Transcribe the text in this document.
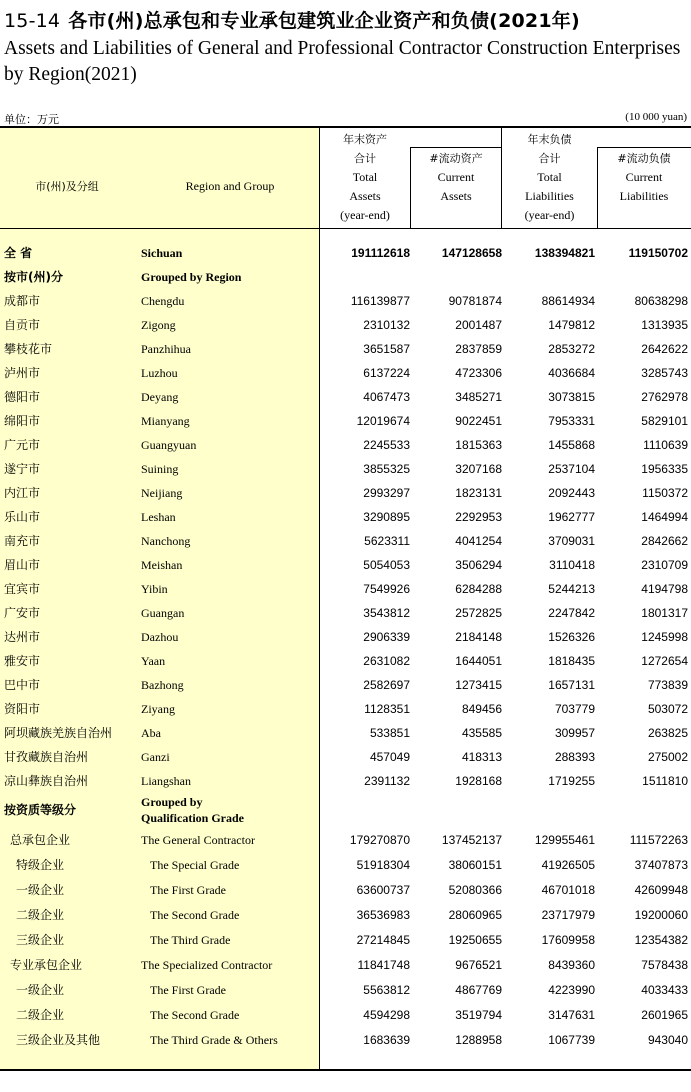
15-14 各市(州)总承包和专业承包建筑业企业资产和负债(2021年)
Assets and Liabilities of General and Professional Contractor Construction Enterprises by Region(2021)
单位：万元	(10 000 yuan)
市(州)及分组	Region and Group
年末资产
合计
Total
Assets
(year-end)
#流动资产
Current
Assets
年末负债
合计
Total
Liabilities
(year-end)
#流动负债
Current
Liabilities
全 省	Sichuan	191112618	147128658	138394821	119150702
按市(州)分	Grouped by Region
成都市	Chengdu	116139877	90781874	88614934	80638298
自贡市	Zigong	2310132	2001487	1479812	1313935
攀枝花市	Panzhihua	3651587	2837859	2853272	2642622
泸州市	Luzhou	6137224	4723306	4036684	3285743
德阳市	Deyang	4067473	3485271	3073815	2762978
绵阳市	Mianyang	12019674	9022451	7953331	5829101
广元市	Guangyuan	2245533	1815363	1455868	1110639
遂宁市	Suining	3855325	3207168	2537104	1956335
内江市	Neijiang	2993297	1823131	2092443	1150372
乐山市	Leshan	3290895	2292953	1962777	1464994
南充市	Nanchong	5623311	4041254	3709031	2842662
眉山市	Meishan	5054053	3506294	3110418	2310709
宜宾市	Yibin	7549926	6284288	5244213	4194798
广安市	Guangan	3543812	2572825	2247842	1801317
达州市	Dazhou	2906339	2184148	1526326	1245998
雅安市	Yaan	2631082	1644051	1818435	1272654
巴中市	Bazhong	2582697	1273415	1657131	773839
资阳市	Ziyang	1128351	849456	703779	503072
阿坝藏族羌族自治州 Aba	533851	435585	309957	263825
甘孜藏族自治州	Ganzi	457049	418313	288393	275002
凉山彝族自治州	Liangshan	2391132	1928168	1719255	1511810
按资质等级分
Grouped by
Qualification Grade
总承包企业	The General Contractor	179270870	137452137	129955461	111572263
特级企业	The Special Grade	51918304	38060151	41926505	37407873
一级企业	The First Grade	63600737	52080366	46701018	42609948
二级企业	The Second Grade	36536983	28060965	23717979	19200060
三级企业	The Third Grade	27214845	19250655	17609958	12354382
专业承包企业	The Specialized Contractor	11841748	9676521	8439360	7578438
一级企业	The First Grade	5563812	4867769	4223990	4033433
二级企业	The Second Grade	4594298	3519794	3147631	2601965
三级企业及其他	The Third Grade & Others	1683639	1288958	1067739	943040
